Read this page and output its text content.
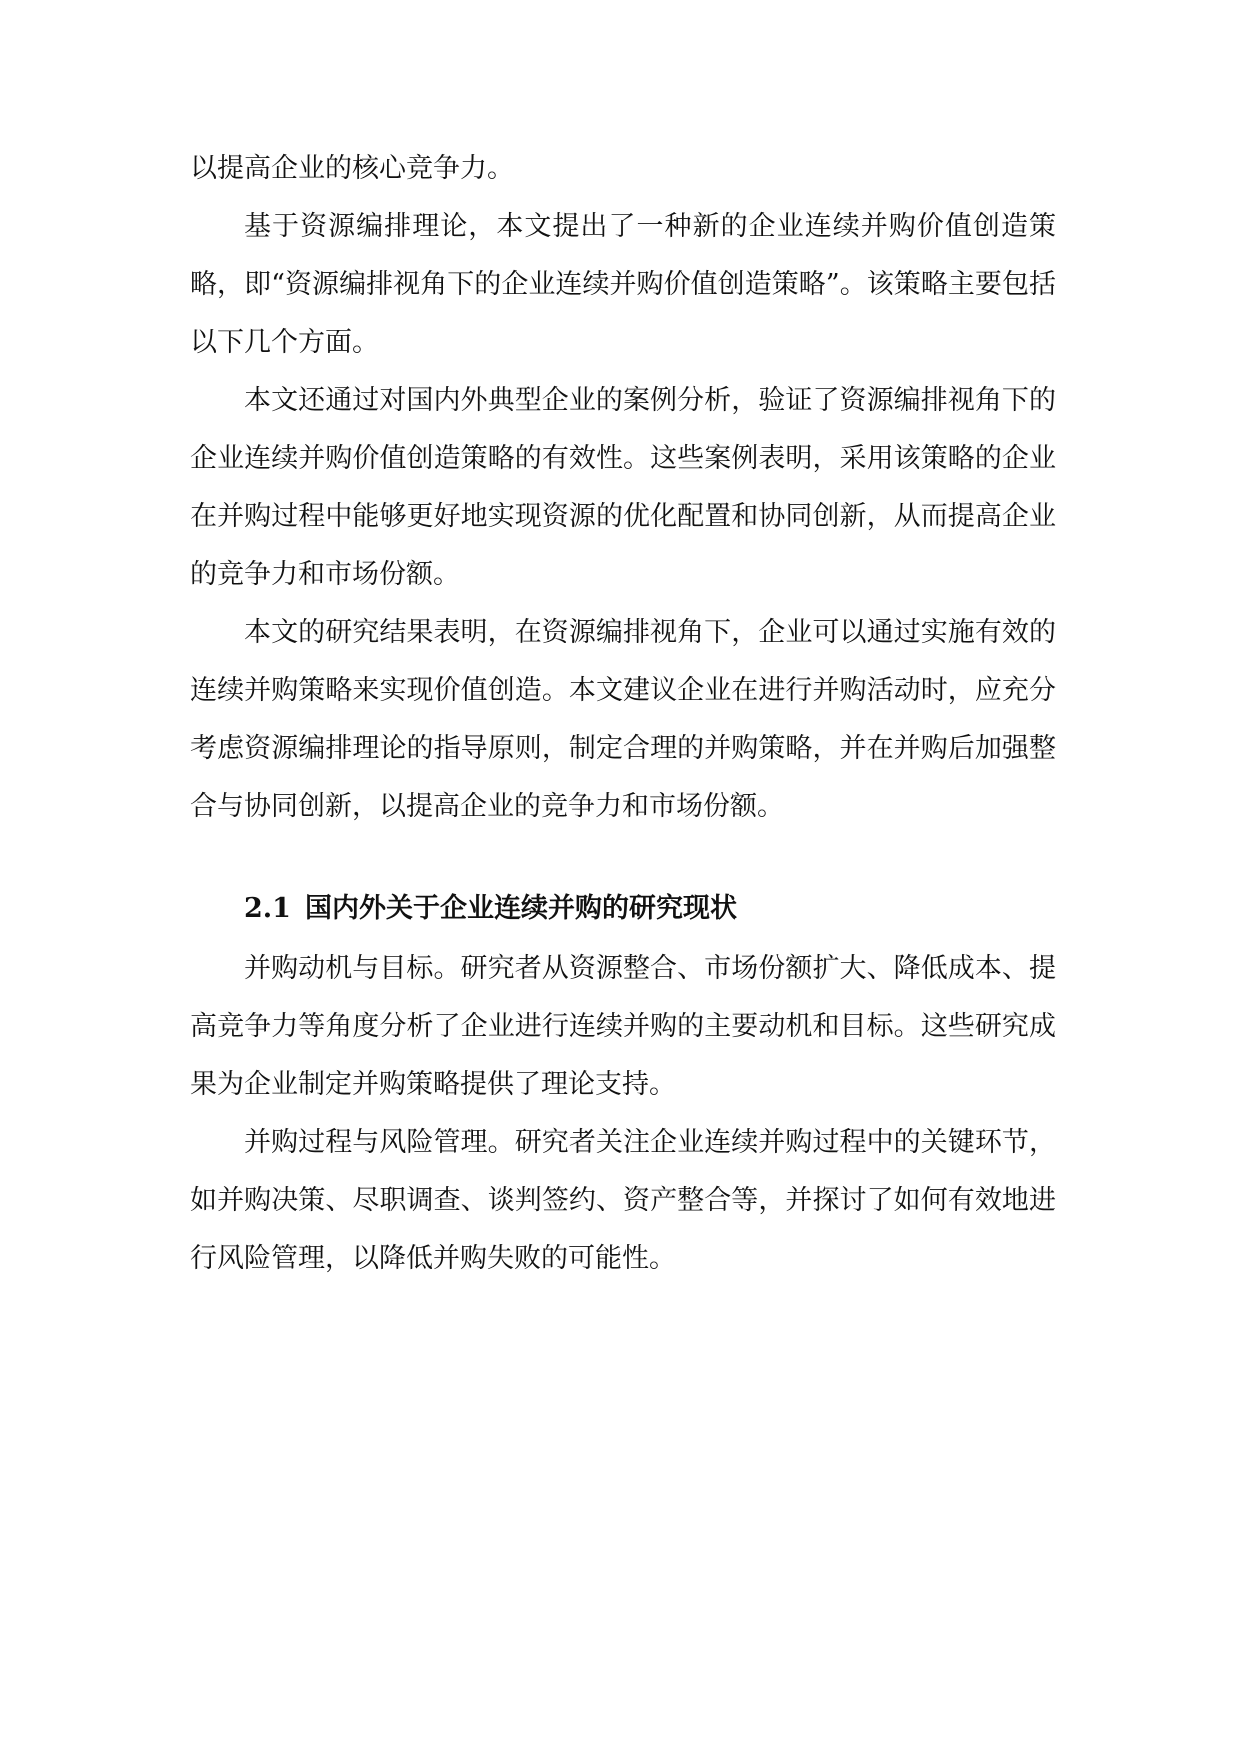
以提高企业的核心竞争力。

基于资源编排理论，本文提出了一种新的企业连续并购价值创造策略，即“资源编排视角下的企业连续并购价值创造策略”。该策略主要包括以下几个方面。

本文还通过对国内外典型企业的案例分析，验证了资源编排视角下的企业连续并购价值创造策略的有效性。这些案例表明，采用该策略的企业在并购过程中能够更好地实现资源的优化配置和协同创新，从而提高企业的竞争力和市场份额。

本文的研究结果表明，在资源编排视角下，企业可以通过实施有效的连续并购策略来实现价值创造。本文建议企业在进行并购活动时，应充分考虑资源编排理论的指导原则，制定合理的并购策略，并在并购后加强整合与协同创新，以提高企业的竞争力和市场份额。

2.1 国内外关于企业连续并购的研究现状

并购动机与目标。研究者从资源整合、市场份额扩大、降低成本、提高竞争力等角度分析了企业进行连续并购的主要动机和目标。这些研究成果为企业制定并购策略提供了理论支持。

并购过程与风险管理。研究者关注企业连续并购过程中的关键环节，如并购决策、尽职调查、谈判签约、资产整合等，并探讨了如何有效地进行风险管理，以降低并购失败的可能性。
